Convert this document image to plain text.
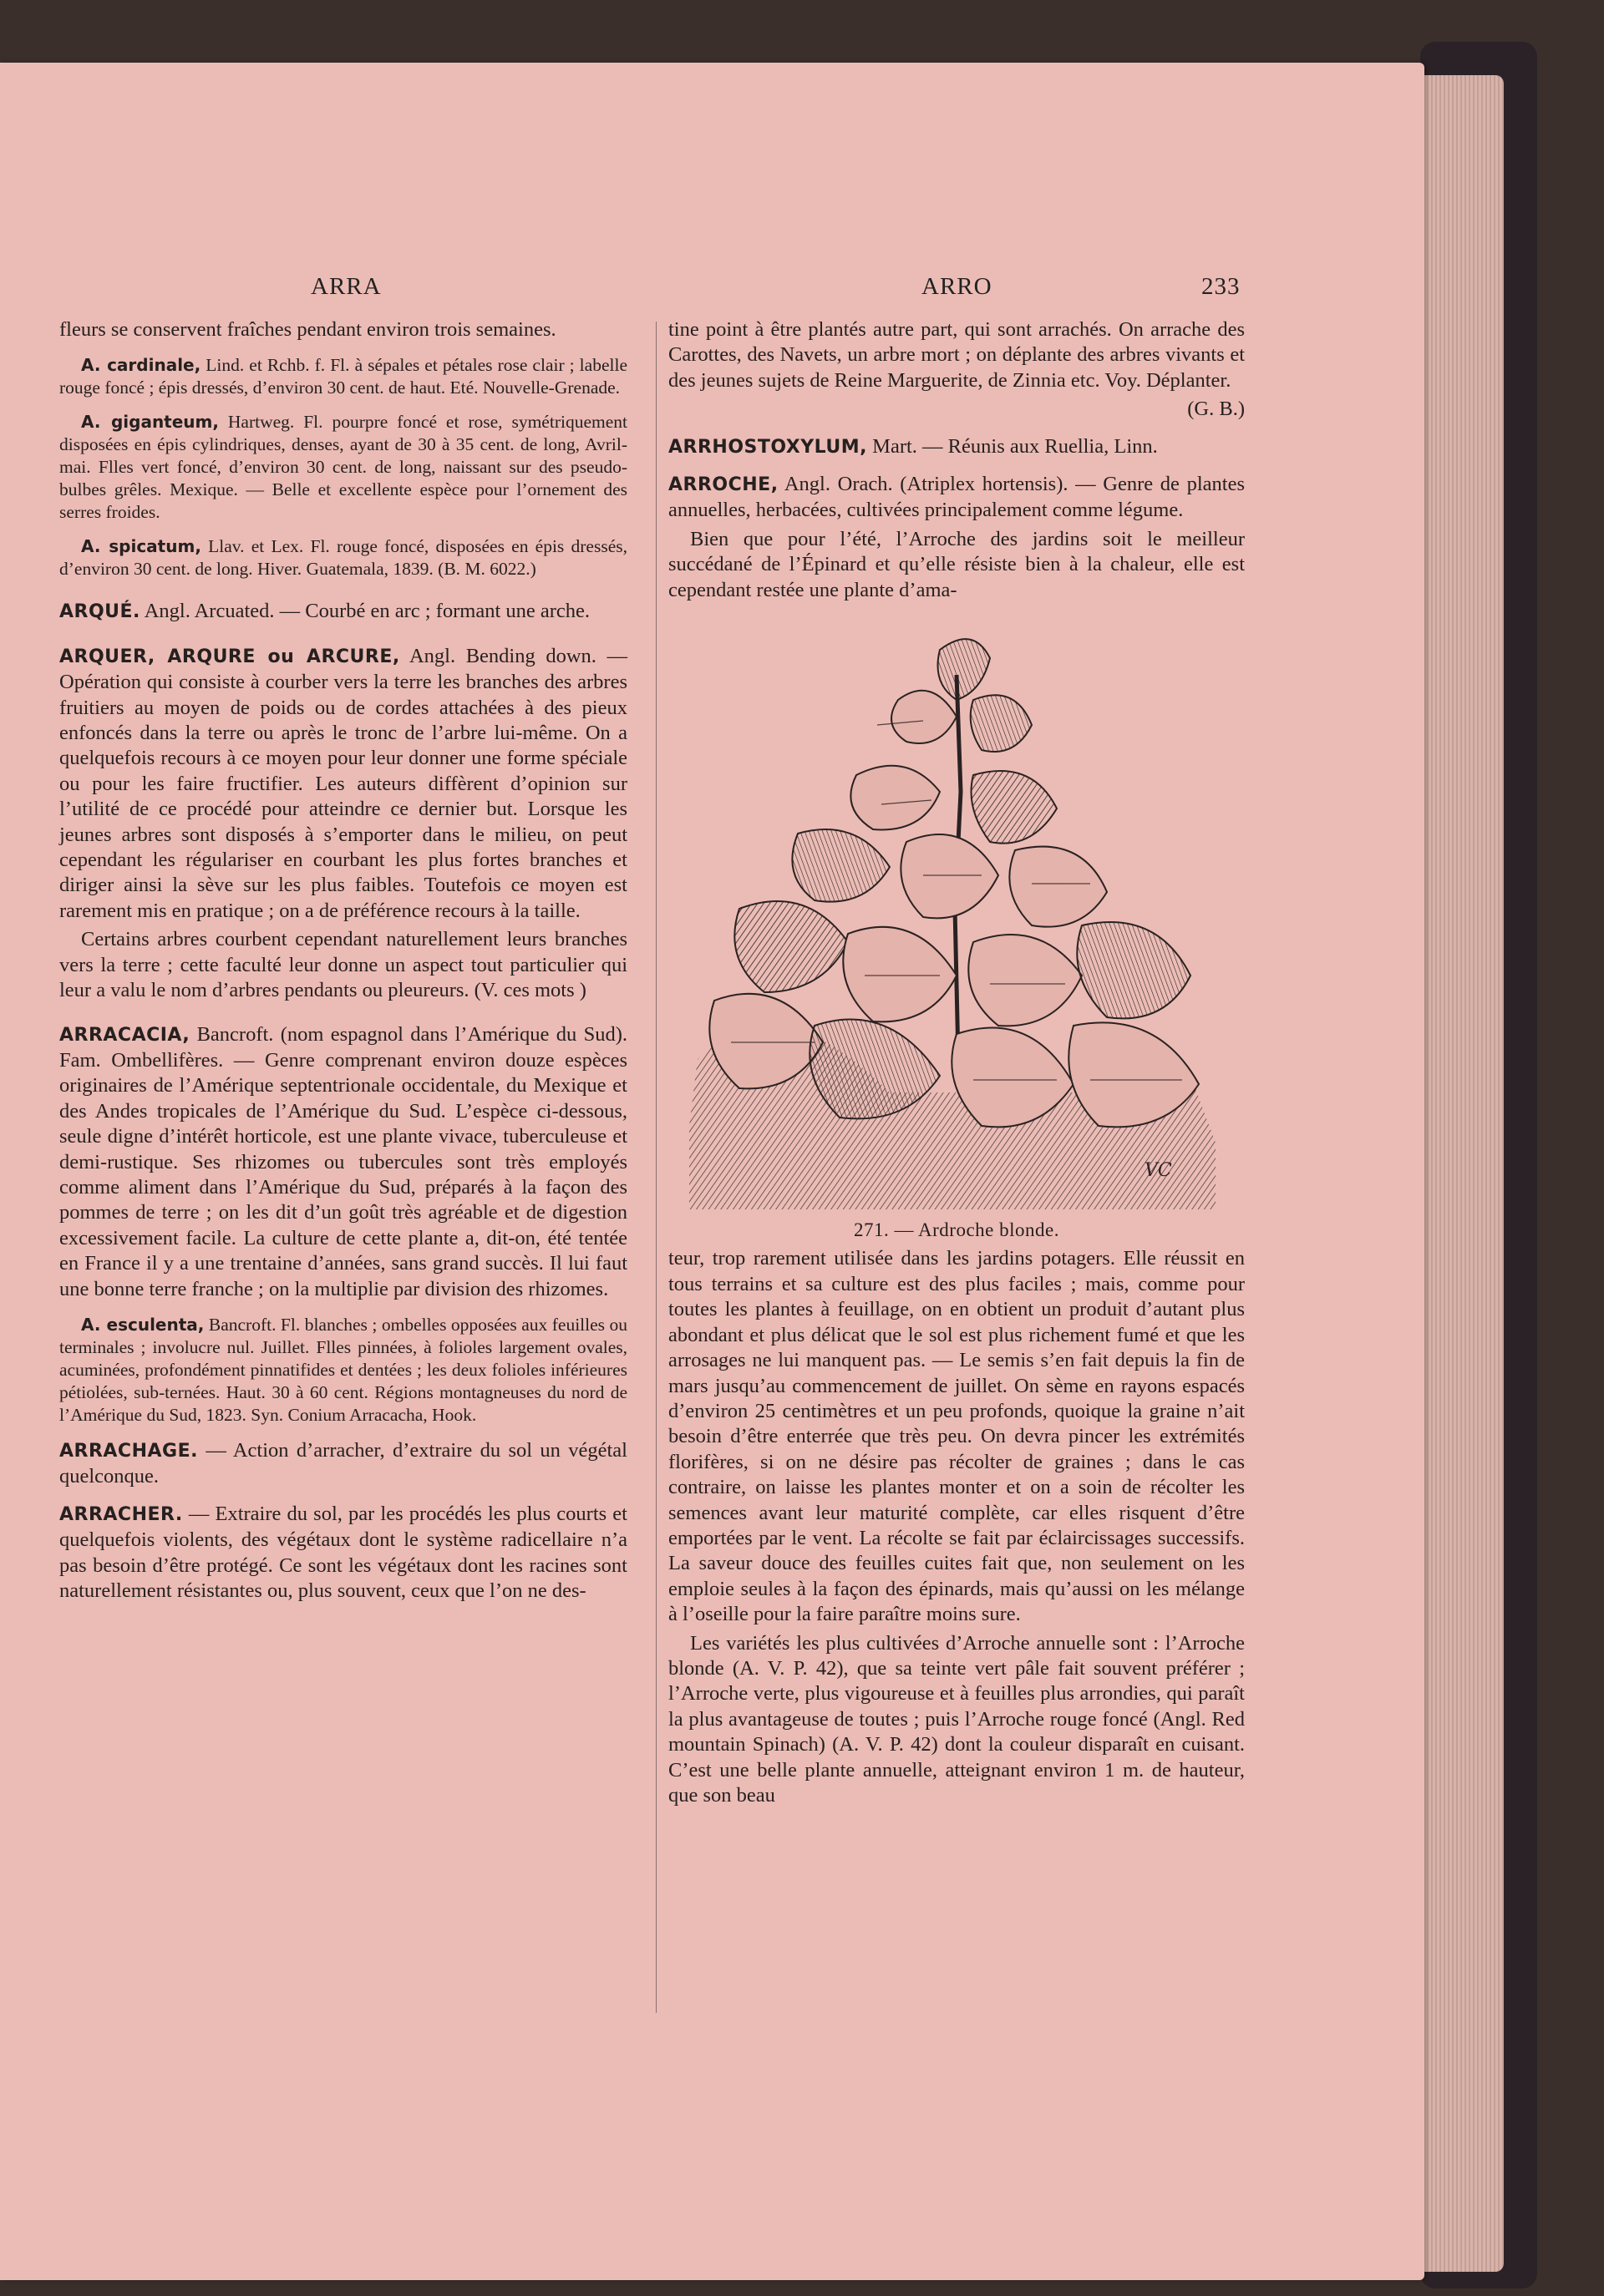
ARRA	ARRO	233

fleurs se conservent fraîches pendant environ trois semaines.

A. cardinale, Lind. et Rchb. f. Fl. à sépales et pétales rose clair ; labelle rouge foncé ; épis dressés, d’environ 30 cent. de haut. Eté. Nouvelle-Grenade.

A. giganteum, Hartweg. Fl. pourpre foncé et rose, symétriquement disposées en épis cylindriques, denses, ayant de 30 à 35 cent. de long, Avril-mai. Flles vert foncé, d’environ 30 cent. de long, naissant sur des pseudo-bulbes grêles. Mexique. — Belle et excellente espèce pour l’ornement des serres froides.

A. spicatum, Llav. et Lex. Fl. rouge foncé, disposées en épis dressés, d’environ 30 cent. de long. Hiver. Guatemala, 1839. (B. M. 6022.)

ARQUÉ. Angl. Arcuated. — Courbé en arc ; formant une arche.

ARQUER, ARQURE ou ARCURE, Angl. Bending down. — Opération qui consiste à courber vers la terre les branches des arbres fruitiers au moyen de poids ou de cordes attachées à des pieux enfoncés dans la terre ou après le tronc de l’arbre lui-même. On a quelquefois recours à ce moyen pour leur donner une forme spéciale ou pour les faire fructifier. Les auteurs diffèrent d’opinion sur l’utilité de ce procédé pour atteindre ce dernier but. Lorsque les jeunes arbres sont disposés à s’emporter dans le milieu, on peut cependant les régulariser en courbant les plus fortes branches et diriger ainsi la sève sur les plus faibles. Toutefois ce moyen est rarement mis en pratique ; on a de préférence recours à la taille.

Certains arbres courbent cependant naturellement leurs branches vers la terre ; cette faculté leur donne un aspect tout particulier qui leur a valu le nom d’arbres pendants ou pleureurs. (V. ces mots )

ARRACACIA, Bancroft. (nom espagnol dans l’Amérique du Sud). Fam. Ombellifères. — Genre comprenant environ douze espèces originaires de l’Amérique septentrionale occidentale, du Mexique et des Andes tropicales de l’Amérique du Sud. L’espèce ci-dessous, seule digne d’intérêt horticole, est une plante vivace, tuberculeuse et demi-rustique. Ses rhizomes ou tubercules sont très employés comme aliment dans l’Amérique du Sud, préparés à la façon des pommes de terre ; on les dit d’un goût très agréable et de digestion excessivement facile. La culture de cette plante a, dit-on, été tentée en France il y a une trentaine d’années, sans grand succès. Il lui faut une bonne terre franche ; on la multiplie par division des rhizomes.

A. esculenta, Bancroft. Fl. blanches ; ombelles opposées aux feuilles ou terminales ; involucre nul. Juillet. Flles pinnées, à folioles largement ovales, acuminées, profondément pinnatifides et dentées ; les deux folioles inférieures pétiolées, sub-ternées. Haut. 30 à 60 cent. Régions montagneuses du nord de l’Amérique du Sud, 1823. Syn. Conium Arracacha, Hook.

ARRACHAGE. — Action d’arracher, d’extraire du sol un végétal quelconque.

ARRACHER. — Extraire du sol, par les procédés les plus courts et quelquefois violents, des végétaux dont le système radicellaire n’a pas besoin d’être protégé. Ce sont les végétaux dont les racines sont naturellement résistantes ou, plus souvent, ceux que l’on ne des-

tine point à être plantés autre part, qui sont arrachés. On arrache des Carottes, des Navets, un arbre mort ; on déplante des arbres vivants et des jeunes sujets de Reine Marguerite, de Zinnia etc. Voy. Déplanter.

(G. B.)

ARRHOSTOXYLUM, Mart. — Réunis aux Ruellia, Linn.

ARROCHE, Angl. Orach. (Atriplex hortensis). — Genre de plantes annuelles, herbacées, cultivées principalement comme légume.

Bien que pour l’été, l’Arroche des jardins soit le meilleur succédané de l’Épinard et qu’elle résiste bien à la chaleur, elle est cependant restée une plante d’ama-

VC

271. — Ardroche blonde.

teur, trop rarement utilisée dans les jardins potagers. Elle réussit en tous terrains et sa culture est des plus faciles ; mais, comme pour toutes les plantes à feuillage, on en obtient un produit d’autant plus abondant et plus délicat que le sol est plus richement fumé et que les arrosages ne lui manquent pas. — Le semis s’en fait depuis la fin de mars jusqu’au commencement de juillet. On sème en rayons espacés d’environ 25 centimètres et un peu profonds, quoique la graine n’ait besoin d’être enterrée que très peu. On devra pincer les extrémités florifères, si on ne désire pas récolter de graines ; dans le cas contraire, on laisse les plantes monter et on a soin de récolter les semences avant leur maturité complète, car elles risquent d’être emportées par le vent. La récolte se fait par éclaircissages successifs. La saveur douce des feuilles cuites fait que, non seulement on les emploie seules à la façon des épinards, mais qu’aussi on les mélange à l’oseille pour la faire paraître moins sure.

Les variétés les plus cultivées d’Arroche annuelle sont : l’Arroche blonde (A. V. P. 42), que sa teinte vert pâle fait souvent préférer ; l’Arroche verte, plus vigoureuse et à feuilles plus arrondies, qui paraît la plus avantageuse de toutes ; puis l’Arroche rouge foncé (Angl. Red mountain Spinach) (A. V. P. 42) dont la couleur disparaît en cuisant. C’est une belle plante annuelle, atteignant environ 1 m. de hauteur, que son beau
